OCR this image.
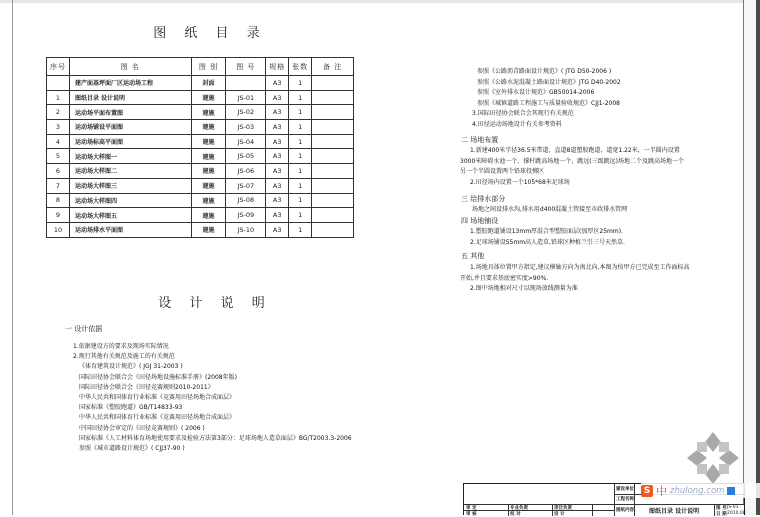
图 纸 目 录
序号	图 名	图 别	图 号	规格	张数	备 注
	建产面基坪面厂区运动场工程	封面		A3	1	
1	图纸目录 设计说明	建施	JS-01	A3	1	
2	运动场平面布置图	建施	JS-02	A3	1	
3	运动场铺设平面图	建施	JS-03	A3	1	
4	运动场标高平面图	建施	JS-04	A3	1	
5	运动场大样图一	建施	JS-05	A3	1	
6	运动场大样图二	建施	JS-06	A3	1	
7	运动场大样图三	建施	JS-07	A3	1	
8	运动场大样图四	建施	JS-08	A3	1	
9	运动场大样图五	建施	JS-09	A3	1	
10	运动场排水平面图	建施	JS-10	A3	1	
设 计 说 明
一 设计依据
1.依据建设方的要求及现场实际情况
2.现行其他有关规范及施工的有关规范
《体育建筑设计规范》( JGJ 31-2003 )
国际田径协会联合会《田径场地设施标准手册》(2008年版)
国际田径协会联合会《田径竞赛规则2010-2011》
中华人民共和国体育行业标准《竞赛用田径场地合成面层》
国家标准《塑胶跑道》GB/T14833-93
中华人民共和国体育行业标准《竞赛用田径场地合成面层》
中国田径协会审定的《田径竞赛规则》( 2006 )
国家标准《人工材料体育场地使用要求及检验方法第3部分：足球场地人造草面层》BG/T2003.3-2006
参照《城市道路设计规范》( CJJ37-90 )
参照《公路沥青路面设计规范》( JTG D50-2006 )
参照《公路水泥混凝土路面设计规范》JTG D40-2002
参照《室外排水设计规范》GB50014-2006
参照《城镇道路工程施工与质量验收规范》CJJ1-2008
3.国际田径协会联合会其现行有关规范
4.田径运动场地设计有关参考资料
二 场地布置
1.新建400米半径36.5米带道，直道8道塑胶跑道，道宽1.22米，一半圆内设置
3000米障碍水池一个、撑杆跳高场地一个、跳远(三级跳远)场地二个及跳高场地一个
另一个半圆设置两个铅球投掷区
2.田径场内设置一个105*68米足球场
三 给排水部分
场地之间设排水沟,排水用d400混凝土管接至市政排水管网
四 场地铺设
1.塑胶跑道铺设13mm厚混合型塑胶面层(加厚区25mm).
2.足球场铺设55mm高人造草,铅球区种植兰引三号天然草.
五 其他
1.场地具体位置甲方指定,建议横轴方向为南北向,本图为按甲方已完成至工作面标高
开始,并且要求基底密实度>90%.
2.图中场地相对尺寸以现场放线测量为准
建设单位
工程名称
图纸内容
审 定
审 核
专业负责
校 对
项目负责
设 计	图纸目录 设计说明	图 号 JS-01
日 期 2010.08
S 中 zhulong.com
